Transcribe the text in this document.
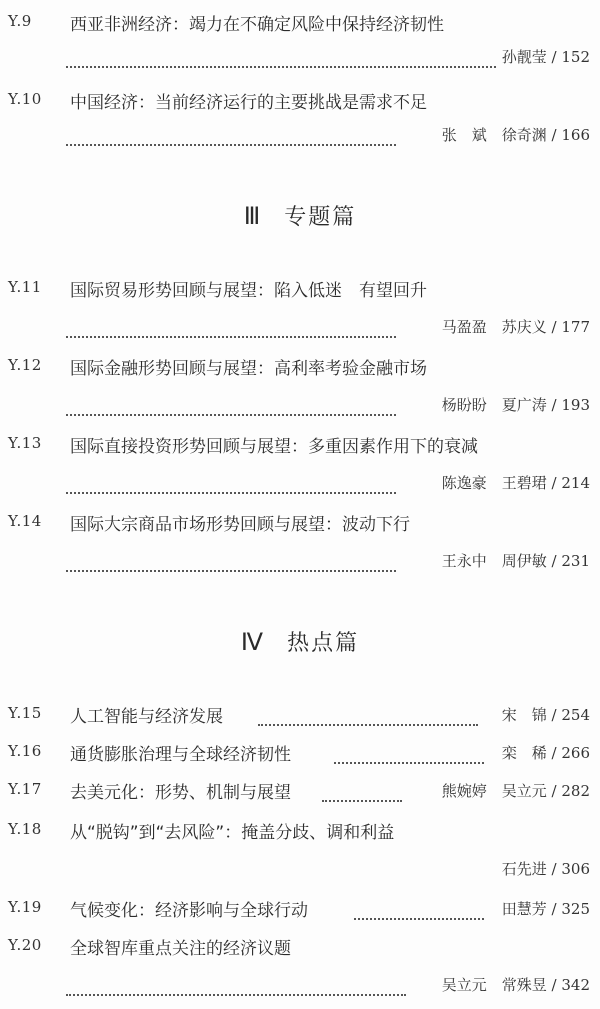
Y.9 西亚非洲经济：竭力在不确定风险中保持经济韧性
孙靓莹 / 152
Y.10 中国经济：当前经济运行的主要挑战是需求不足
张　斌　徐奇渊 / 166
Ⅲ 专题篇
Y.11 国际贸易形势回顾与展望：陷入低迷　有望回升
马盈盈　苏庆义 / 177
Y.12 国际金融形势回顾与展望：高利率考验金融市场
杨盼盼　夏广涛 / 193
Y.13 国际直接投资形势回顾与展望：多重因素作用下的衰减
陈逸豪　王碧珺 / 214
Y.14 国际大宗商品市场形势回顾与展望：波动下行
王永中　周伊敏 / 231
Ⅳ 热点篇
Y.15 人工智能与经济发展	宋　锦 / 254
Y.16 通货膨胀治理与全球经济韧性	栾　稀 / 266
Y.17 去美元化：形势、机制与展望	熊婉婷　吴立元 / 282
Y.18 从“脱钩”到“去风险”：掩盖分歧、调和利益
石先进 / 306
Y.19 气候变化：经济影响与全球行动	田慧芳 / 325
Y.20 全球智库重点关注的经济议题
吴立元　常殊昱 / 342
